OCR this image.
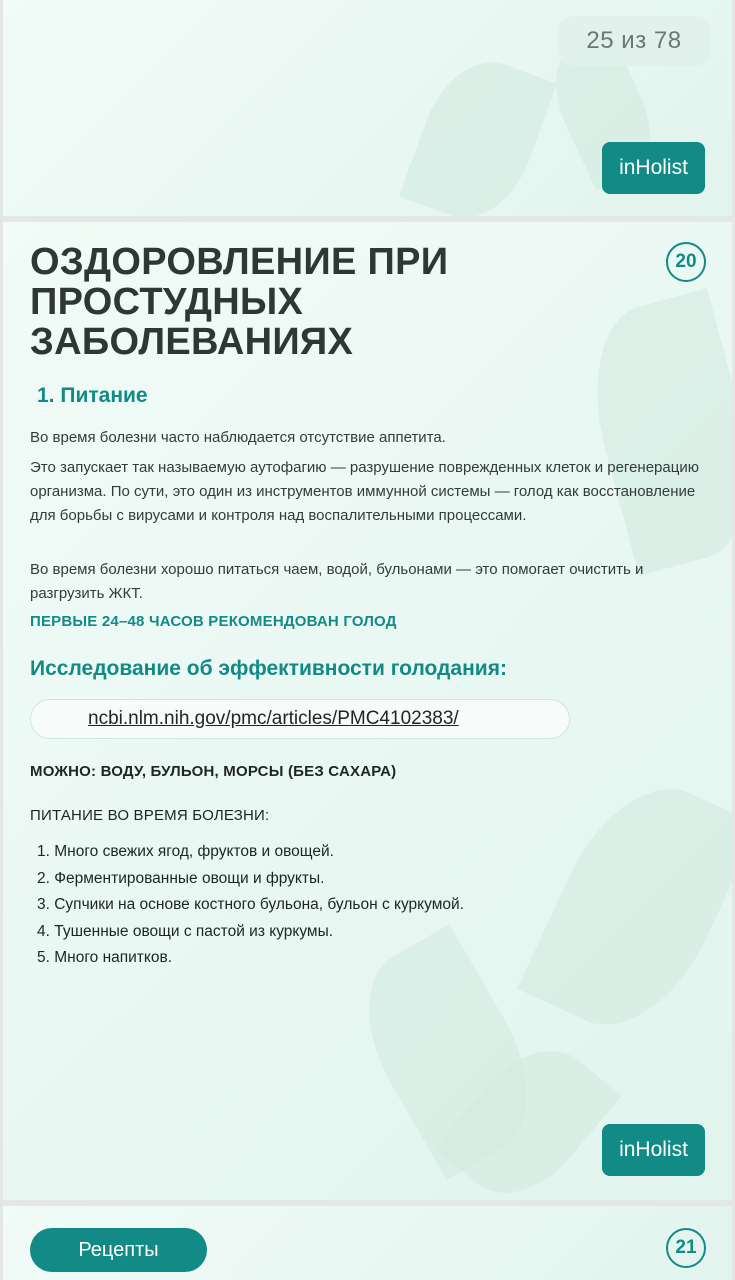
25 из 78
inHolist
20
ОЗДОРОВЛЕНИЕ ПРИ ПРОСТУДНЫХ ЗАБОЛЕВАНИЯХ
1. Питание

Во время болезни часто наблюдается отсутствие аппетита.

Это запускает так называемую аутофагию — разрушение поврежденных клеток и регенерацию организма. По сути, это один из инструментов иммунной системы — голод как восстановление для борьбы с вирусами и контроля над воспалительными процессами.

Во время болезни хорошо питаться чаем, водой, бульонами — это помогает очистить и разгрузить ЖКТ.

ПЕРВЫЕ 24–48 ЧАСОВ РЕКОМЕНДОВАН ГОЛОД

Исследование об эффективности голодания:
ncbi.nlm.nih.gov/pmc/articles/PMC4102383/

МОЖНО: ВОДУ, БУЛЬОН, МОРСЫ (БЕЗ САХАРА)

ПИТАНИЕ ВО ВРЕМЯ БОЛЕЗНИ:

1. Много свежих ягод, фруктов и овощей.
2. Ферментированные овощи и фрукты.
3. Супчики на основе костного бульона, бульон с куркумой.
4. Тушенные овощи с пастой из куркумы.
5. Много напитков.
inHolist
Рецепты	21
